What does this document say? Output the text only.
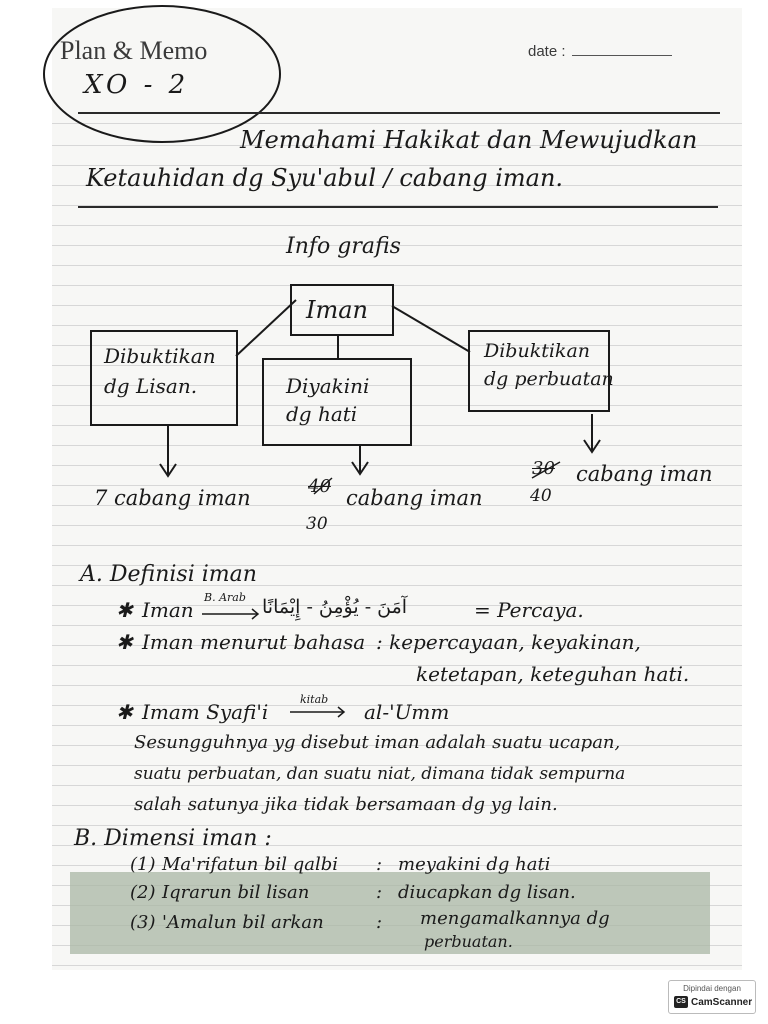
Plan & Memo	date :
XO - 2
Memahami Hakikat dan Mewujudkan
Ketauhidan dg Syu'abul / cabang iman.
Info grafis
Iman
Dibuktikan
dg Lisan.	Diyakini
dg hati
Dibuktikan
dg perbuatan
7 cabang iman	40 cabang iman
30
30 cabang iman
40
A. Definisi iman
✱ Iman
B. Arab آمَنَ - يُؤْمِنُ - إِيْمَانًا	= Percaya.
✱ Iman menurut bahasa : kepercayaan, keyakinan,
ketetapan, keteguhan hati.
✱ Imam Syafi'i
kitab
al-'Umm
Sesungguhnya yg disebut iman adalah suatu ucapan,
suatu perbuatan, dan suatu niat, dimana tidak sempurna
salah satunya jika tidak bersamaan dg yg lain.
B. Dimensi iman :
(1) Ma'rifatun bil qalbi : meyakini dg hati
(2) Iqrarun bil lisan	: diucapkan dg lisan.
(3) 'Amalun bil arkan	: mengamalkannya dg
perbuatan.
Dipindai dengan
CS CamScanner
